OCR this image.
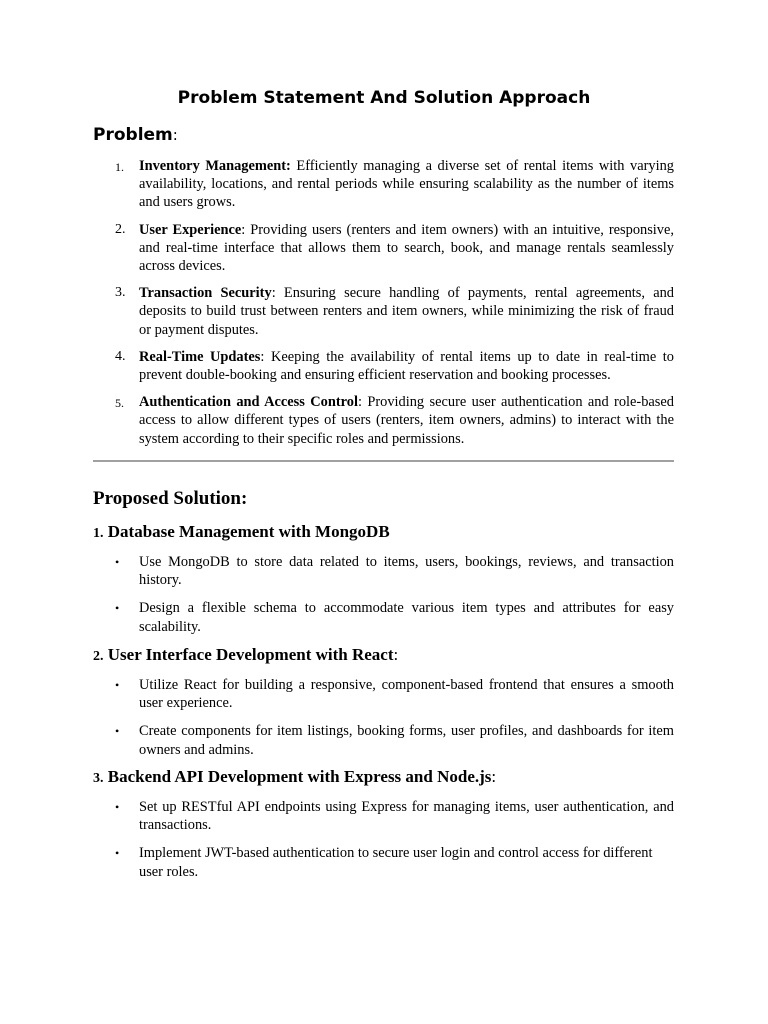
Problem Statement And Solution Approach
Problem:
1. Inventory Management: Efficiently managing a diverse set of rental items with varying availability, locations, and rental periods while ensuring scalability as the number of items and users grows.
2. User Experience: Providing users (renters and item owners) with an intuitive, responsive, and real-time interface that allows them to search, book, and manage rentals seamlessly across devices.
3. Transaction Security: Ensuring secure handling of payments, rental agreements, and deposits to build trust between renters and item owners, while minimizing the risk of fraud or payment disputes.
4. Real-Time Updates: Keeping the availability of rental items up to date in real-time to prevent double-booking and ensuring efficient reservation and booking processes.
5. Authentication and Access Control: Providing secure user authentication and role-based access to allow different types of users (renters, item owners, admins) to interact with the system according to their specific roles and permissions.
Proposed Solution:
1. Database Management with MongoDB
• Use MongoDB to store data related to items, users, bookings, reviews, and transaction history.
• Design a flexible schema to accommodate various item types and attributes for easy scalability.
2. User Interface Development with React:
• Utilize React for building a responsive, component-based frontend that ensures a smooth user experience.
• Create components for item listings, booking forms, user profiles, and dashboards for item owners and admins.
3. Backend API Development with Express and Node.js:
• Set up RESTful API endpoints using Express for managing items, user authentication, and transactions.
• Implement JWT-based authentication to secure user login and control access for different user roles.
